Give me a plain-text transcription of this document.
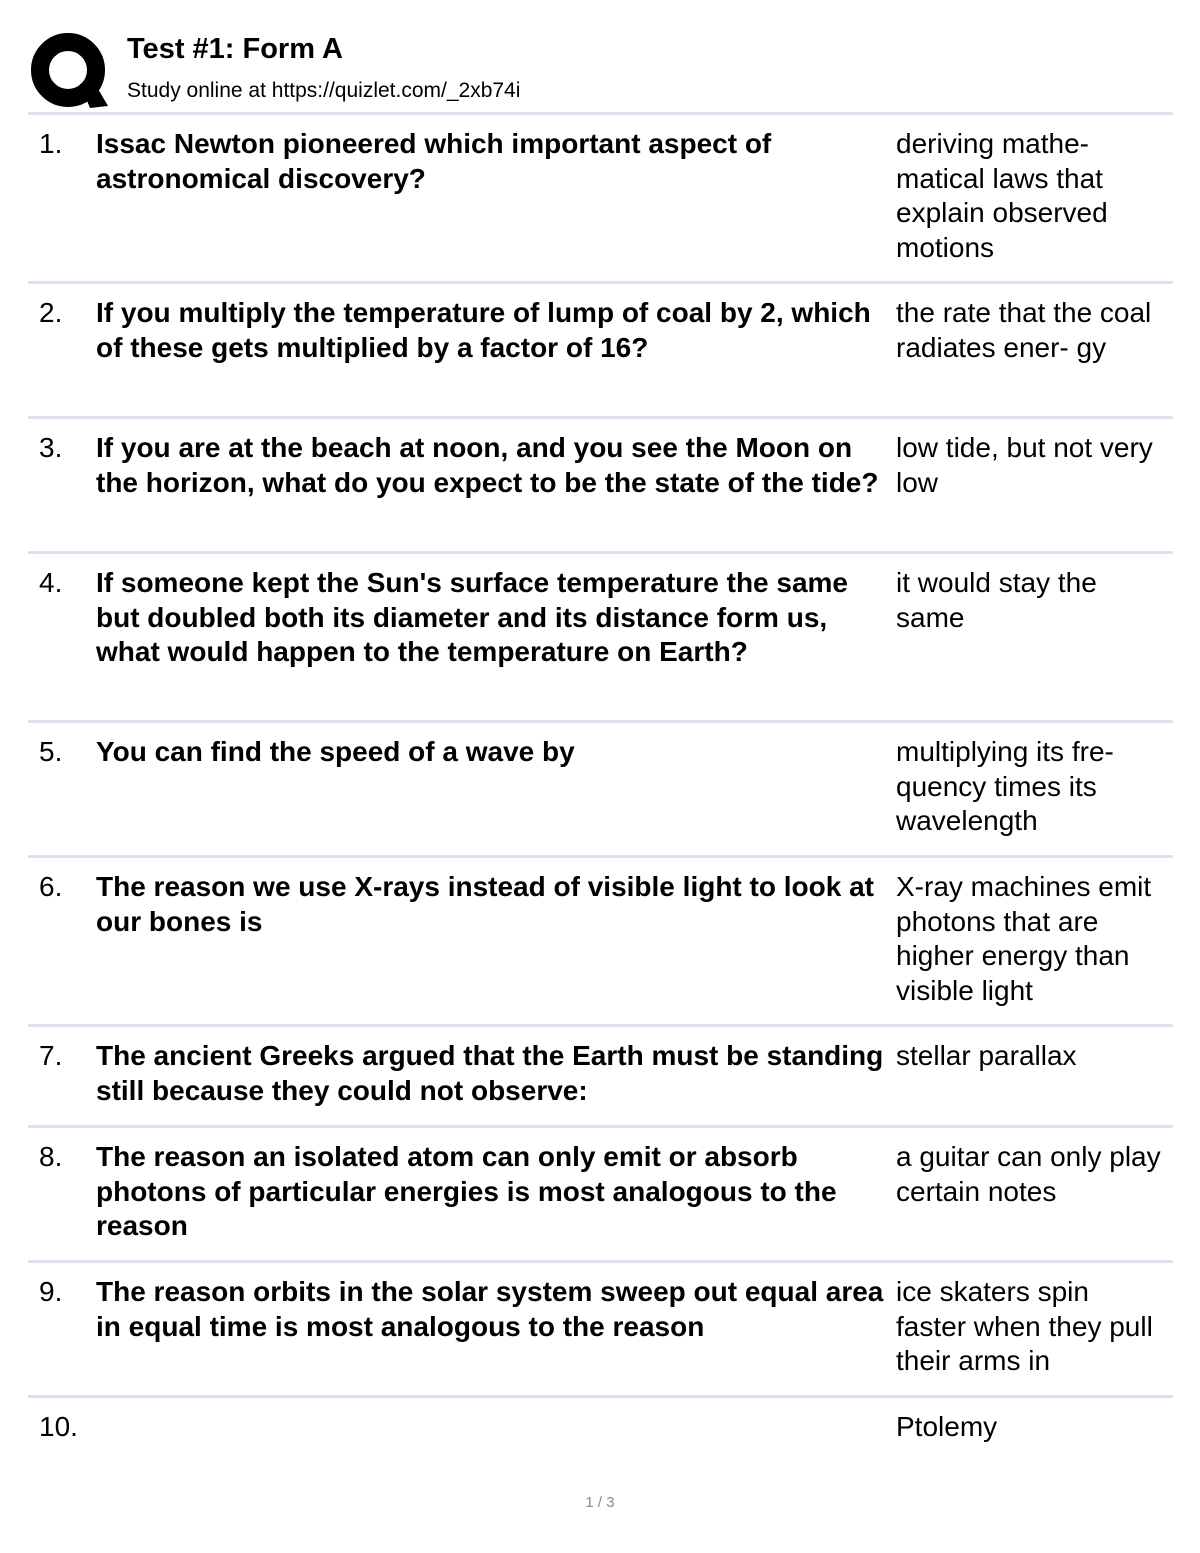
Test #1: Form A
Study online at https://quizlet.com/_2xb74i
1. Issac Newton pioneered which important aspect of astronomical discovery?
deriving mathe- matical laws that explain observed motions
2. If you multiply the temperature of lump of coal by 2, which of these gets multiplied by a factor of 16?
the rate that the coal radiates ener- gy
3. If you are at the beach at noon, and you see the Moon on the horizon, what do you expect to be the state of the tide?
low tide, but not very low
4. If someone kept the Sun's surface temperature the same but doubled both its diameter and its distance form us, what would happen to the temperature on Earth?
it would stay the same
5. You can find the speed of a wave by	multiplying its fre- quency times its wavelength
6. The reason we use X-rays instead of visible light to look at our bones is
X-ray machines emit photons that are higher energy than visible light
7. The ancient Greeks argued that the Earth must be standing still because they could not observe:
stellar parallax
8. The reason an isolated atom can only emit or absorb photons of particular energies is most analogous to the reason
a guitar can only play certain notes
9. The reason orbits in the solar system sweep out equal area in equal time is most analogous to the reason
ice skaters spin faster when they pull their arms in
10.	Ptolemy
1 / 3
